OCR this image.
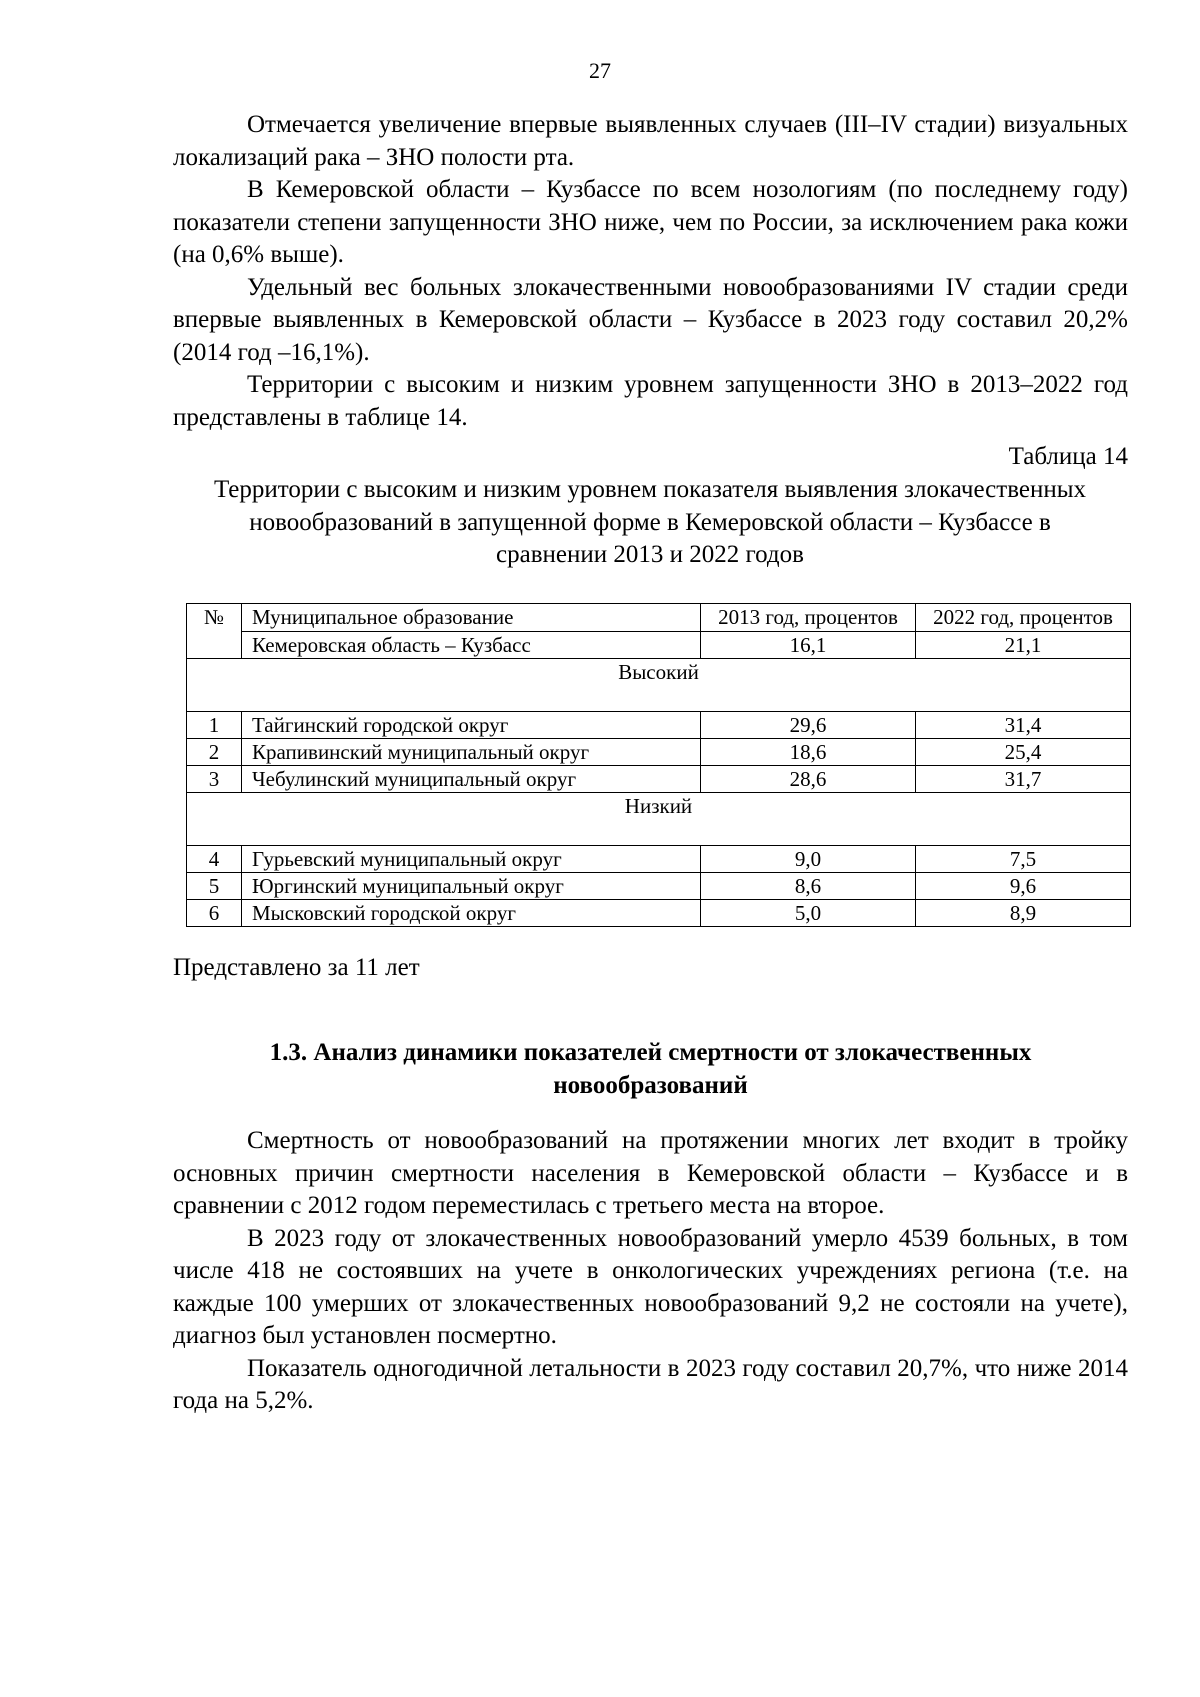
27

Отмечается увеличение впервые выявленных случаев (III–IV стадии) визуальных локализаций рака – ЗНО полости рта.

В Кемеровской области – Кузбассе по всем нозологиям (по последнему году) показатели степени запущенности ЗНО ниже, чем по России, за исключением рака кожи (на 0,6% выше).

Удельный вес больных злокачественными новообразованиями IV стадии среди впервые выявленных в Кемеровской области – Кузбассе в 2023 году составил 20,2% (2014 год –16,1%).

Территории с высоким и низким уровнем запущенности ЗНО в 2013–2022 год представлены в таблице 14.

Таблица 14
Территории с высоким и низким уровнем показателя выявления злокачественных новообразований в запущенной форме в Кемеровской области – Кузбассе в сравнении 2013 и 2022 годов
№	Муниципальное образование	2013 год, процентов	2022 год, процентов
	Кемеровская область – Кузбасс	16,1	21,1
Высокий			
1	Тайгинский городской округ	29,6	31,4
2	Крапивинский муниципальный округ	18,6	25,4
3	Чебулинский муниципальный округ	28,6	31,7
Низкий			
4	Гурьевский муниципальный округ	9,0	7,5
5	Юргинский муниципальный округ	8,6	9,6
6	Мысковский городской округ	5,0	8,9
Представлено за 11 лет
1.3. Анализ динамики показателей смертности от злокачественных новообразований

Смертность от новообразований на протяжении многих лет входит в тройку основных причин смертности населения в Кемеровской области – Кузбассе и в сравнении с 2012 годом переместилась с третьего места на второе.

В 2023 году от злокачественных новообразований умерло 4539 больных, в том числе 418 не состоявших на учете в онкологических учреждениях региона (т.е. на каждые 100 умерших от злокачественных новообразований 9,2 не состояли на учете), диагноз был установлен посмертно.

Показатель одногодичной летальности в 2023 году составил 20,7%, что ниже 2014 года на 5,2%.
